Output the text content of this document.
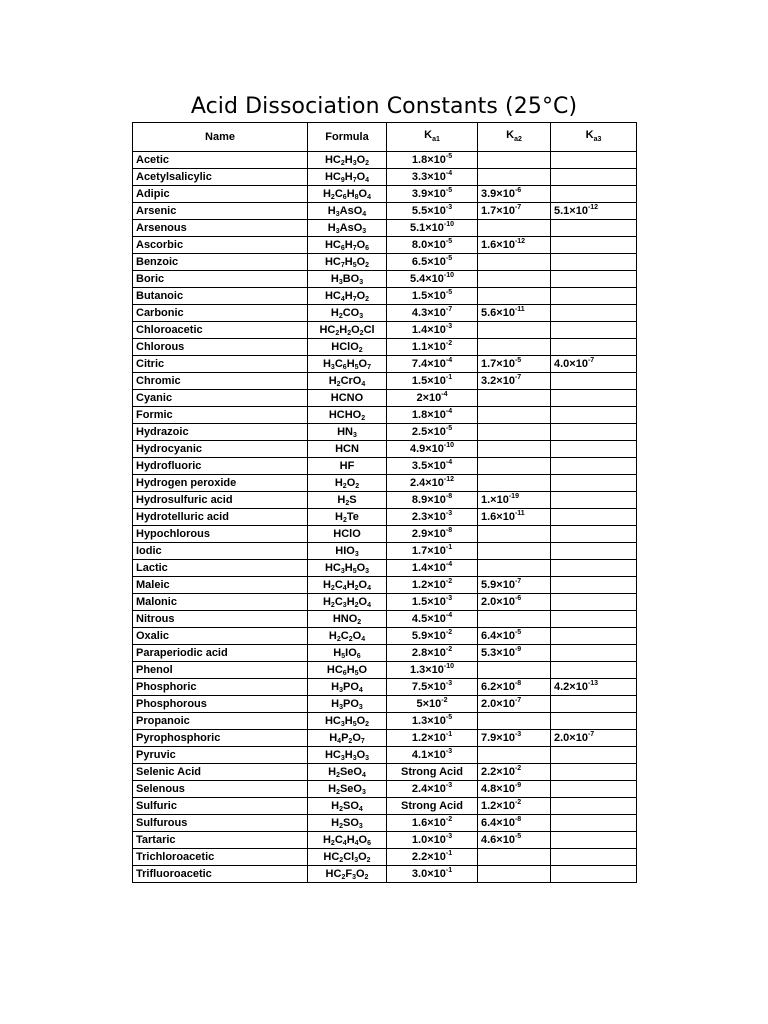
Acid Dissociation Constants (25°C)
Name	Formula	$K_{a1}$	$K_{a2}$	$K_{a3}$
Acetic	$HC_2H_3O_2$	$1.8\times 10^{-5}$		
Acetylsalicylic	$HC_9H_7O_4$	$3.3\times 10^{-4}$		
Adipic	$H_2C_6H_8O_4$	$3.9\times 10^{-5}$	$3.9\times 10^{-6}$	
Arsenic	$H_3AsO_4$	$5.5\times 10^{-3}$	$1.7\times 10^{-7}$	$5.1\times 10^{-12}$
Arsenous	$H_3AsO_3$	$5.1\times 10^{-10}$		
Ascorbic	$HC_6H_7O_6$	$8.0\times 10^{-5}$	$1.6\times 10^{-12}$	
Benzoic	$HC_7H_5O_2$	$6.5\times 10^{-5}$		
Boric	$H_3BO_3$	$5.4\times 10^{-10}$		
Butanoic	$HC_4H_7O_2$	$1.5\times 10^{-5}$		
Carbonic	$H_2CO_3$	$4.3\times 10^{-7}$	$5.6\times 10^{-11}$	
Chloroacetic	$HC_2H_2O_2Cl$	$1.4\times 10^{-3}$		
Chlorous	HClO$_2$	$1.1\times 10^{-2}$		
Citric	$H_3C_6H_5O_7$	$7.4\times 10^{-4}$	$1.7\times 10^{-5}$	$4.0\times 10^{-7}$
Chromic	$H_2CrO_4$	$1.5\times 10^{-1}$	$3.2\times 10^{-7}$	
Cyanic	HCNO	$2\times 10^{-4}$		
Formic	$HCHO_2$	$1.8\times 10^{-4}$		
Hydrazoic	$HN_3$	$2.5\times 10^{-5}$		
Hydrocyanic	HCN	$4.9\times 10^{-10}$		
Hydrofluoric	HF	$3.5\times 10^{-4}$		
Hydrogen peroxide	$H_2O_2$	$2.4\times 10^{-12}$		
Hydrosulfuric acid	$H_2S$	$8.9\times 10^{-8}$	$1.\times 10^{-19}$	
Hydrotelluric acid	$H_2Te$	$2.3\times 10^{-3}$	$1.6\times 10^{-11}$	
Hypochlorous	HClO	$2.9\times 10^{-8}$		
Iodic	$HIO_3$	$1.7\times 10^{-1}$		
Lactic	$HC_3H_5O_3$	$1.4\times 10^{-4}$		
Maleic	$H_2C_4H_2O_4$	$1.2\times 10^{-2}$	$5.9\times 10^{-7}$	
Malonic	$H_2C_3H_2O_4$	$1.5\times 10^{-3}$	$2.0\times 10^{-6}$	
Nitrous	$HNO_2$	$4.5\times 10^{-4}$		
Oxalic	$H_2C_2O_4$	$5.9\times 10^{-2}$	$6.4\times 10^{-5}$	
Paraperiodic acid	$H_5IO_6$	$2.8\times 10^{-2}$	$5.3\times 10^{-9}$	
Phenol	$HC_6H_5O$	$1.3\times 10^{-10}$		
Phosphoric	$H_3PO_4$	$7.5\times 10^{-3}$	$6.2\times 10^{-8}$	$4.2\times 10^{-13}$
Phosphorous	$H_3PO_3$	$5\times 10^{-2}$	$2.0\times 10^{-7}$	
Propanoic	$HC_3H_5O_2$	$1.3\times 10^{-5}$		
Pyrophosphoric	$H_4P_2O_7$	$1.2\times 10^{-1}$	$7.9\times 10^{-3}$	$2.0\times 10^{-7}$
Pyruvic	$HC_3H_3O_3$	$4.1\times 10^{-3}$		
Selenic Acid	$H_2SeO_4$	Strong Acid	$2.2\times 10^{-2}$	
Selenous	$H_2SeO_3$	$2.4\times 10^{-3}$	$4.8\times 10^{-9}$	
Sulfuric	$H_2SO_4$	Strong Acid	$1.2\times 10^{-2}$	
Sulfurous	$H_2SO_3$	$1.6\times 10^{-2}$	$6.4\times 10^{-8}$	
Tartaric	$H_2C_4H_4O_6$	$1.0\times 10^{-3}$	$4.6\times 10^{-5}$	
Trichloroacetic	$HC_2Cl_3O_2$	$2.2\times 10^{-1}$		
Trifluoroacetic	$HC_2F_3O_2$	$3.0\times 10^{-1}$		
